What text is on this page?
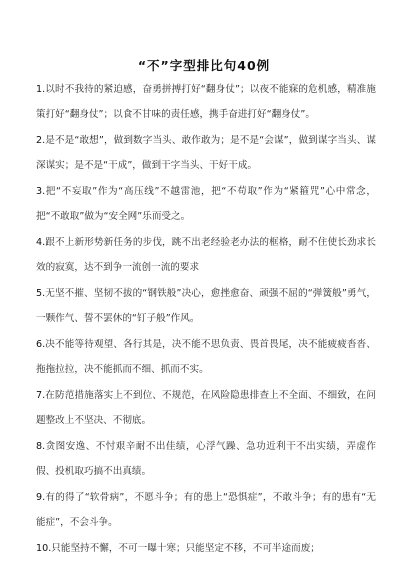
“不”字型排比句40例

1.以时不我待的紧迫感，奋勇拼搏打好“翻身仗”；以夜不能寐的危机感，精准施策打好“翻身仗”；以食不甘味的责任感，携手奋进打好“翻身仗”。

2.是不是“敢想”，做到数字当头、敢作敢为；是不是“会谋”，做到谋字当头、谋深谋实；是不是“干成”，做到干字当头、干好干成。

3.把“不妄取”作为“高压线”不越雷池，把“不苟取”作为“紧箍咒”心中常念，把“不敢取”做为“安全网”乐而受之。

4.跟不上新形势新任务的步伐，跳不出老经验老办法的框格，耐不住使长劲求长效的寂寞，达不到争一流创一流的要求

5.无坚不摧、坚韧不拔的“钢铁般”决心，愈挫愈奋、顽强不屈的“弹簧般”勇气，一颗作气、誓不罢休的“钉子般”作风。

6.决不能等待观望、各行其是，决不能不思负责、畏首畏尾，决不能疲疲沓沓、拖拖拉拉，决不能抓而不细、抓而不实。

7.在防范措施落实上不到位、不规范，在风险隐患排查上不全面、不细致，在问题整改上不坚决、不彻底。

8.贪图安逸、不忖艰辛耐不出佳绩，心浮气躁、急功近利干不出实绩，弄虚作假、投机取巧搞不出真绩。

9.有的得了“软骨病”，不愿斗争；有的患上“恐惧症”，不敢斗争；有的患有“无能症”，不会斗争。

10.只能坚持不懈，不可一曝十寒；只能坚定不移，不可半途而废；
